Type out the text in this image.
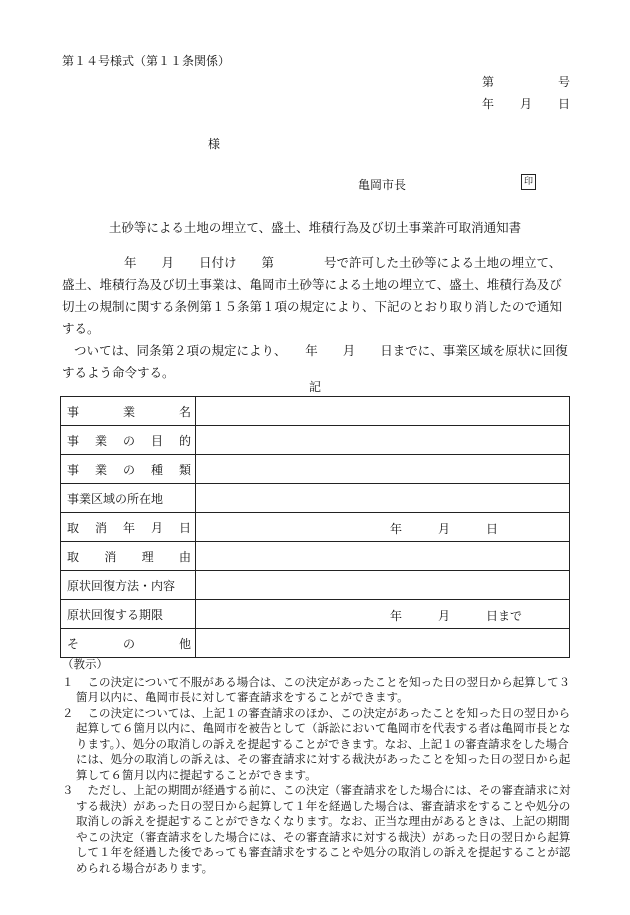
第１４号様式（第１１条関係）
第	号
年 月 日
様
亀岡市長	印
土砂等による土地の埋立て、盛土、堆積行為及び切土事業許可取消通知書

年　　月　　日付け　　第　　　　号で許可した土砂等による土地の埋立て、盛土、堆積行為及び切土事業は、亀岡市土砂等による土地の埋立て、盛土、堆積行為及び切土の規制に関する条例第１５条第１項の規定により、下記のとおり取り消したので通知する。

ついては、同条第２項の規定により、　　年　　月　　日までに、事業区域を原状に回復するよう命令する。

記
事 業 名	

事 業 の 目 的	

事 業 の 種 類	

事業区域の所在地	

取 消 年 月 日	年　　　月　　　日

取 消 理 由	

原状回復方法・内容	

原状回復する期限	年　　　月　　　日まで

そ の 他	

（教示）

１
　 この決定について不服がある場合は、この決定があったことを知った日の翌日から起算して３箇月以内に、亀岡市長に対して審査請求をすることができます。

２
　 この決定については、上記１の審査請求のほか、この決定があったことを知った日の翌日から起算して６箇月以内に、亀岡市を被告として（訴訟において亀岡市を代表する者は亀岡市長となります。）、処分の取消しの訴えを提起することができます。なお、上記１の審査請求をした場合には、処分の取消しの訴えは、その審査請求に対する裁決があったことを知った日の翌日から起算して６箇月以内に提起することができます。

３
　 ただし、上記の期間が経過する前に、この決定（審査請求をした場合には、その審査請求に対する裁決）があった日の翌日から起算して１年を経過した場合は、審査請求をすることや処分の取消しの訴えを提起することができなくなります。なお、正当な理由があるときは、上記の期間やこの決定（審査請求をした場合には、その審査請求に対する裁決）があった日の翌日から起算して１年を経過した後であっても審査請求をすることや処分の取消しの訴えを提起することが認められる場合があります。
